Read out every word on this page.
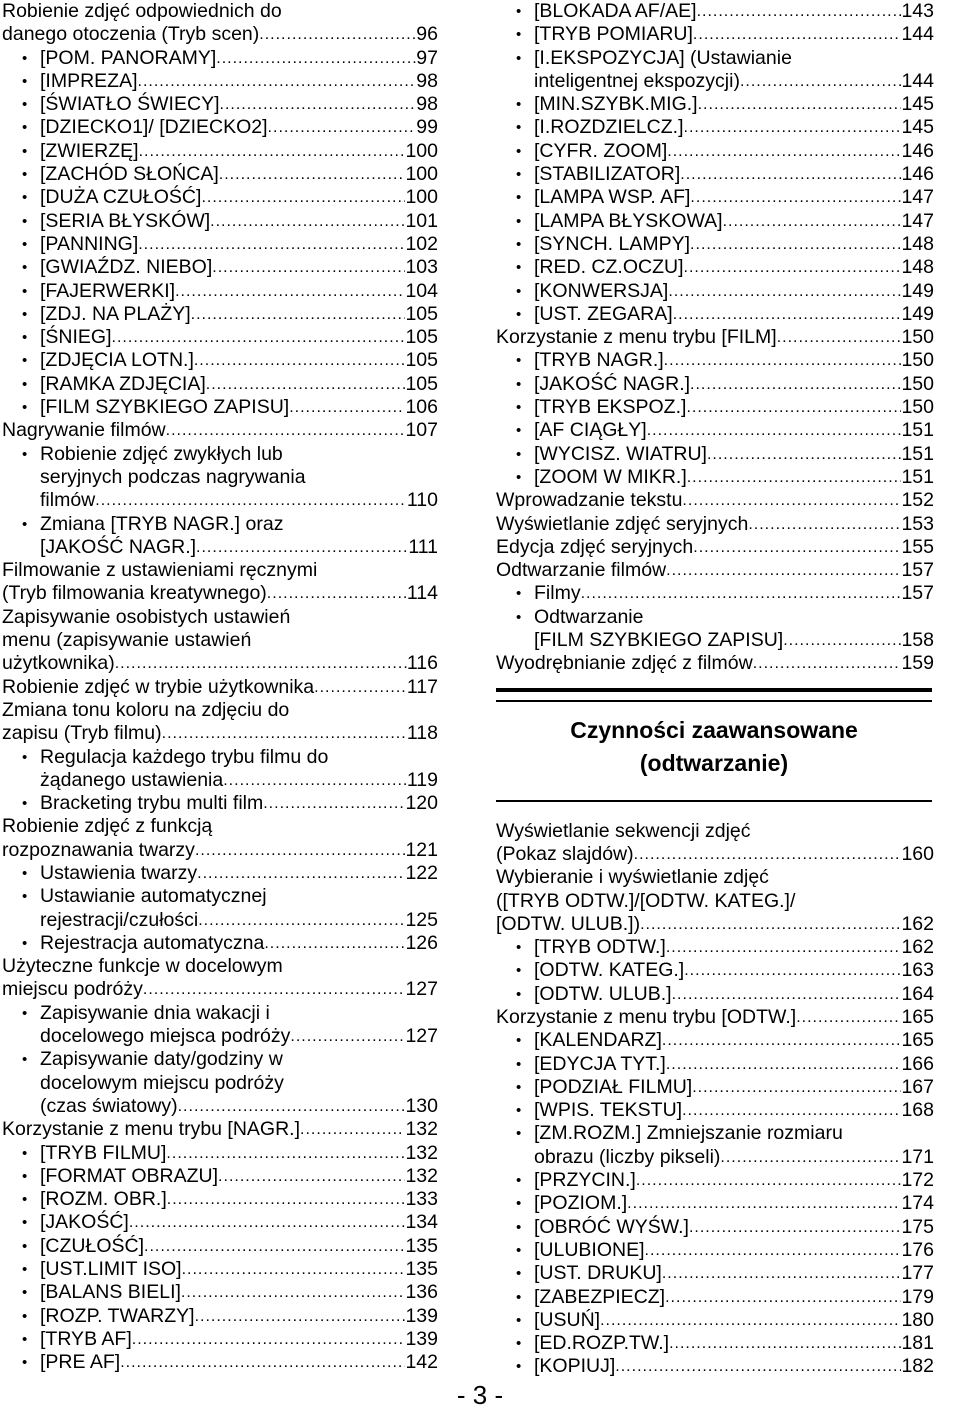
Robienie zdjęć odpowiednich do
danego otoczenia (Tryb scen) .....	96
• [POM. PANORAMY] .....	97
• [IMPREZA] .....	98
• [ŚWIATŁO ŚWIECY] .....	98
• [DZIECKO1]/ [DZIECKO2] .....	99
• [ZWIERZĘ] .....	100
• [ZACHÓD SŁOŃCA] .....	100
• [DUŻA CZUŁOŚĆ] .....	100
• [SERIA BŁYSKÓW] .....	101
• [PANNING] .....	102
• [GWIAŹDZ. NIEBO] .....	103
• [FAJERWERKI] .....	104
• [ZDJ. NA PLAŻY] .....	105
• [ŚNIEG] .....	105
• [ZDJĘCIA LOTN.] .....	105
• [RAMKA ZDJĘCIA] .....	105
• [FILM SZYBKIEGO ZAPISU] .....	106
Nagrywanie filmów .....	107
• Robienie zdjęć zwykłych lub
seryjnych podczas nagrywania
filmów .....	110
• Zmiana [TRYB NAGR.] oraz
[JAKOŚĆ NAGR.] .....	111
Filmowanie z ustawieniami ręcznymi
(Tryb filmowania kreatywnego) .....	114
Zapisywanie osobistych ustawień
menu (zapisywanie ustawień
użytkownika) .....	116
Robienie zdjęć w trybie użytkownika .....	117
Zmiana tonu koloru na zdjęciu do
zapisu (Tryb filmu) .....	118
• Regulacja każdego trybu filmu do
żądanego ustawienia .....	119
• Bracketing trybu multi film .....	120
Robienie zdjęć z funkcją
rozpoznawania twarzy .....	121
• Ustawienia twarzy .....	122
• Ustawianie automatycznej
rejestracji/czułości .....	125
• Rejestracja automatyczna .....	126
Użyteczne funkcje w docelowym
miejscu podróży .....	127
• Zapisywanie dnia wakacji i
docelowego miejsca podróży .....	127
• Zapisywanie daty/godziny w
docelowym miejscu podróży
(czas światowy) .....	130
Korzystanie z menu trybu [NAGR.] .....	132
• [TRYB FILMU] .....	132
• [FORMAT OBRAZU] .....	132
• [ROZM. OBR.] .....	133
• [JAKOŚĆ] .....	134
• [CZUŁOŚĆ] .....	135
• [UST.LIMIT ISO] .....	135
• [BALANS BIELI] .....	136
• [ROZP. TWARZY] .....	139
• [TRYB AF] .....	139
• [PRE AF] .....	142
• [BLOKADA AF/AE] .....	143
• [TRYB POMIARU] .....	144
• [I.EKSPOZYCJA] (Ustawianie
inteligentnej ekspozycji) .....	144
• [MIN.SZYBK.MIG.] .....	145
• [I.ROZDZIELCZ.] .....	145
• [CYFR. ZOOM] .....	146
• [STABILIZATOR] .....	146
• [LAMPA WSP. AF] .....	147
• [LAMPA BŁYSKOWA] .....	147
• [SYNCH. LAMPY] .....	148
• [RED. CZ.OCZU] .....	148
• [KONWERSJA] .....	149
• [UST. ZEGARA] .....	149
Korzystanie z menu trybu [FILM] .....	150
• [TRYB NAGR.] .....	150
• [JAKOŚĆ NAGR.] .....	150
• [TRYB EKSPOZ.] .....	150
• [AF CIĄGŁY] .....	151
• [WYCISZ. WIATRU] .....	151
• [ZOOM W MIKR.] .....	151
Wprowadzanie tekstu .....	152
Wyświetlanie zdjęć seryjnych .....	153
Edycja zdjęć seryjnych .....	155
Odtwarzanie filmów .....	157
• Filmy .....	157
• Odtwarzanie
[FILM SZYBKIEGO ZAPISU] .....	158
Wyodrębnianie zdjęć z filmów .....	159
Czynności zaawansowane
(odtwarzanie)
Wyświetlanie sekwencji zdjęć
(Pokaz slajdów) .....	160
Wybieranie i wyświetlanie zdjęć
([TRYB ODTW.]/[ODTW. KATEG.]/
[ODTW. ULUB.]) .....	162
• [TRYB ODTW.] .....	162
• [ODTW. KATEG.] .....	163
• [ODTW. ULUB.] .....	164
Korzystanie z menu trybu [ODTW.] .....	165
• [KALENDARZ] .....	165
• [EDYCJA TYT.] .....	166
• [PODZIAŁ FILMU] .....	167
• [WPIS. TEKSTU] .....	168
• [ZM.ROZM.] Zmniejszanie rozmiaru
obrazu (liczby pikseli) .....	171
• [PRZYCIN.] .....	172
• [POZIOM.] .....	174
• [OBRÓĆ WYŚW.] .....	175
• [ULUBIONE] .....	176
• [UST. DRUKU] .....	177
• [ZABEZPIECZ] .....	179
• [USUŃ] .....	180
• [ED.ROZP.TW.] .....	181
• [KOPIUJ] .....	182
- 3 -
